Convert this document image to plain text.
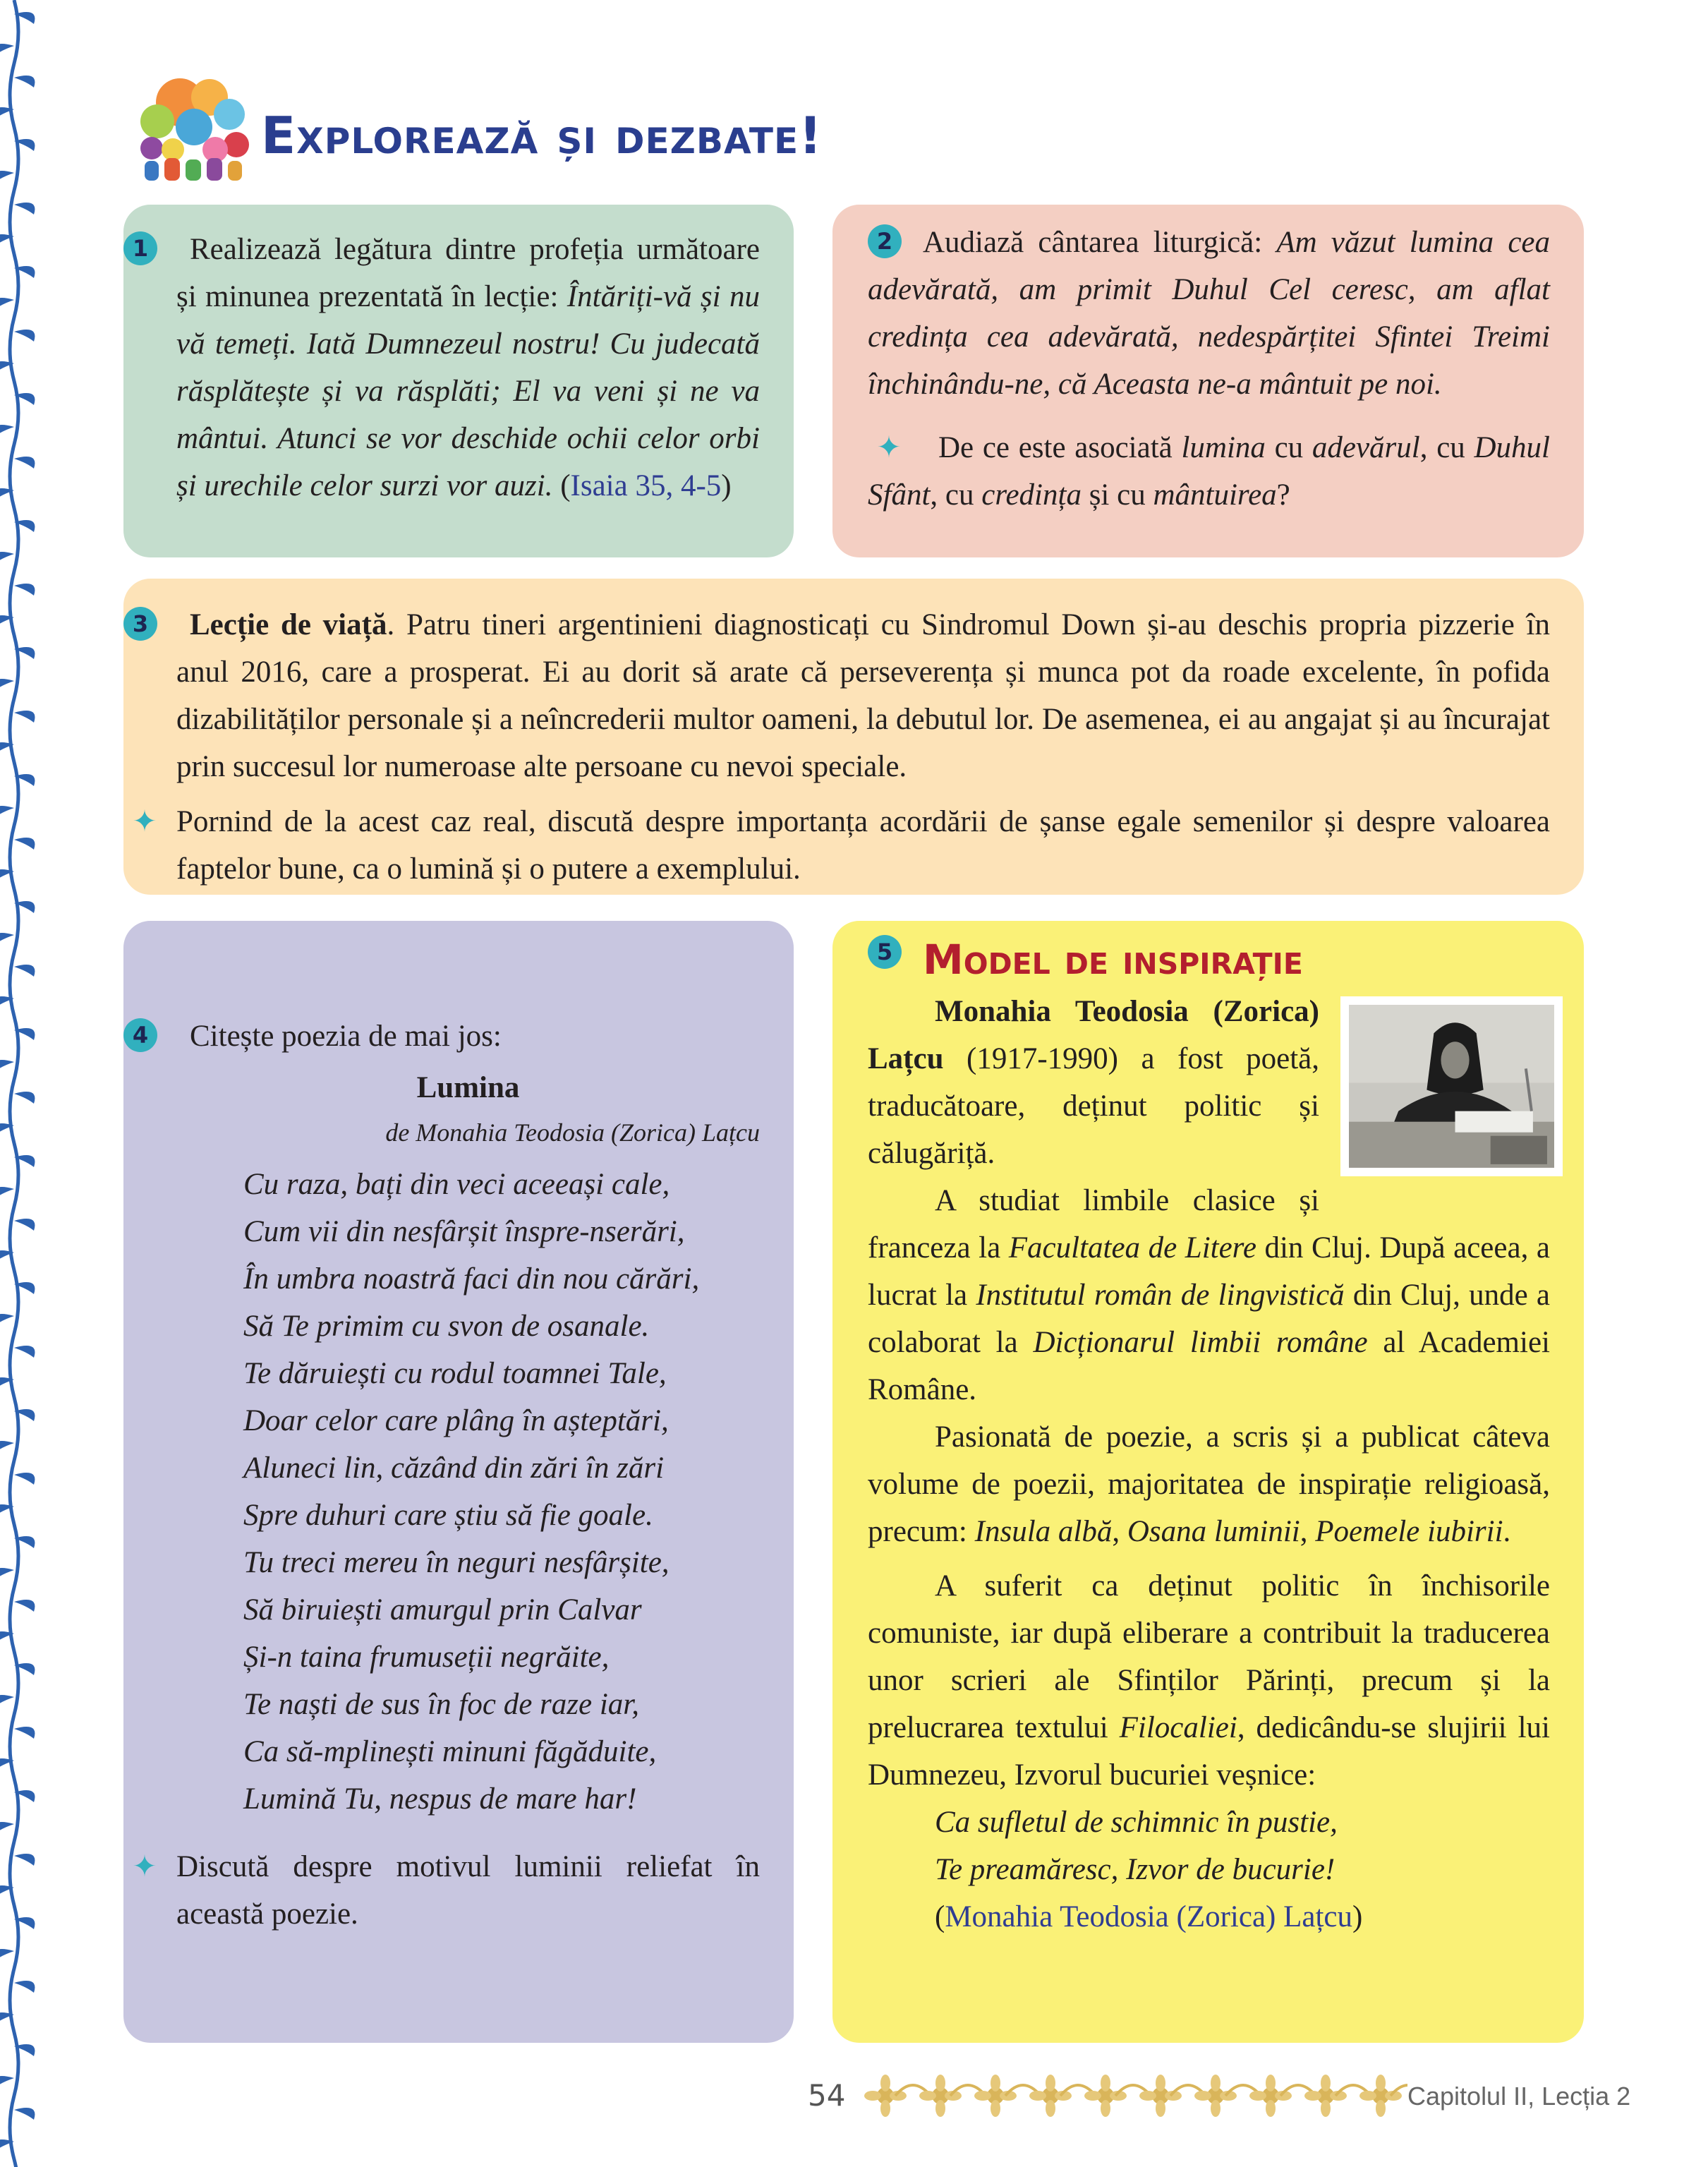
Explorează și dezbate!

1 Realizează legătura dintre profeția următoare și minunea prezentată în lecție: Întăriți-vă și nu vă temeți. Iată Dumnezeul nostru! Cu judecată răsplătește și va răsplăti; El va veni și ne va mântui. Atunci se vor deschide ochii celor orbi și urechile celor surzi vor auzi. (Isaia 35, 4-5)

2 Audiază cântarea liturgică: Am văzut lumina cea adevărată, am primit Duhul Cel ceresc, am aflat credința cea adevărată, nedespărțitei Sfintei Treimi închinându-ne, că Aceasta ne-a mântuit pe noi.

✦ De ce este asociată lumina cu adevărul, cu Duhul Sfânt, cu credința și cu mântuirea?

3 Lecție de viață. Patru tineri argentinieni diagnosticați cu Sindromul Down și-au deschis propria pizzerie în anul 2016, care a prosperat. Ei au dorit să arate că perseverența și munca pot da roade excelente, în pofida dizabilităților personale și a neîncrederii multor oameni, la debutul lor. De asemenea, ei au angajat și au încurajat prin succesul lor numeroase alte persoane cu nevoi speciale.

✦ Pornind de la acest caz real, discută despre importanța acordării de șanse egale semenilor și despre valoarea faptelor bune, ca o lumină și o putere a exemplului.

4 Citește poezia de mai jos:

Lumina

de Monahia Teodosia (Zorica) Lațcu

Cu raza, bați din veci aceeași cale,

Cum vii din nesfârșit înspre-nserări,

În umbra noastră faci din nou cărări,

Să Te primim cu svon de osanale.

Te dăruiești cu rodul toamnei Tale,

Doar celor care plâng în așteptări,

Aluneci lin, căzând din zări în zări

Spre duhuri care știu să fie goale.

Tu treci mereu în neguri nesfârșite,

Să biruiești amurgul prin Calvar

Și-n taina frumuseții negrăite,

Te naști de sus în foc de raze iar,

Ca să-mplinești minuni făgăduite,

Lumină Tu, nespus de mare har!

✦ Discută despre motivul luminii reliefat în această poezie.

5 Model de inspirație

Monahia Teodosia (Zorica) Lațcu (1917-1990) a fost poetă, traducătoare, deținut politic și călugăriță.

A studiat limbile clasice și franceza la Facultatea de Litere din Cluj. După aceea, a lucrat la Institutul român de lingvistică din Cluj, unde a colaborat la Dicționarul limbii române al Academiei Române.

Pasionată de poezie, a scris și a publicat câteva volume de poezii, majoritatea de inspirație religioasă, precum: Insula albă, Osana luminii, Poemele iubirii.

A suferit ca deținut politic în închisorile comuniste, iar după eliberare a contribuit la traducerea unor scrieri ale Sfinților Părinți, precum și la prelucrarea textului Filocaliei, dedicându-se slujirii lui Dumnezeu, Izvorul bucuriei veșnice:

Ca sufletul de schimnic în pustie,

Te preamăresc, Izvor de bucurie!

(Monahia Teodosia (Zorica) Lațcu)

54	Capitolul II, Lecția 2
